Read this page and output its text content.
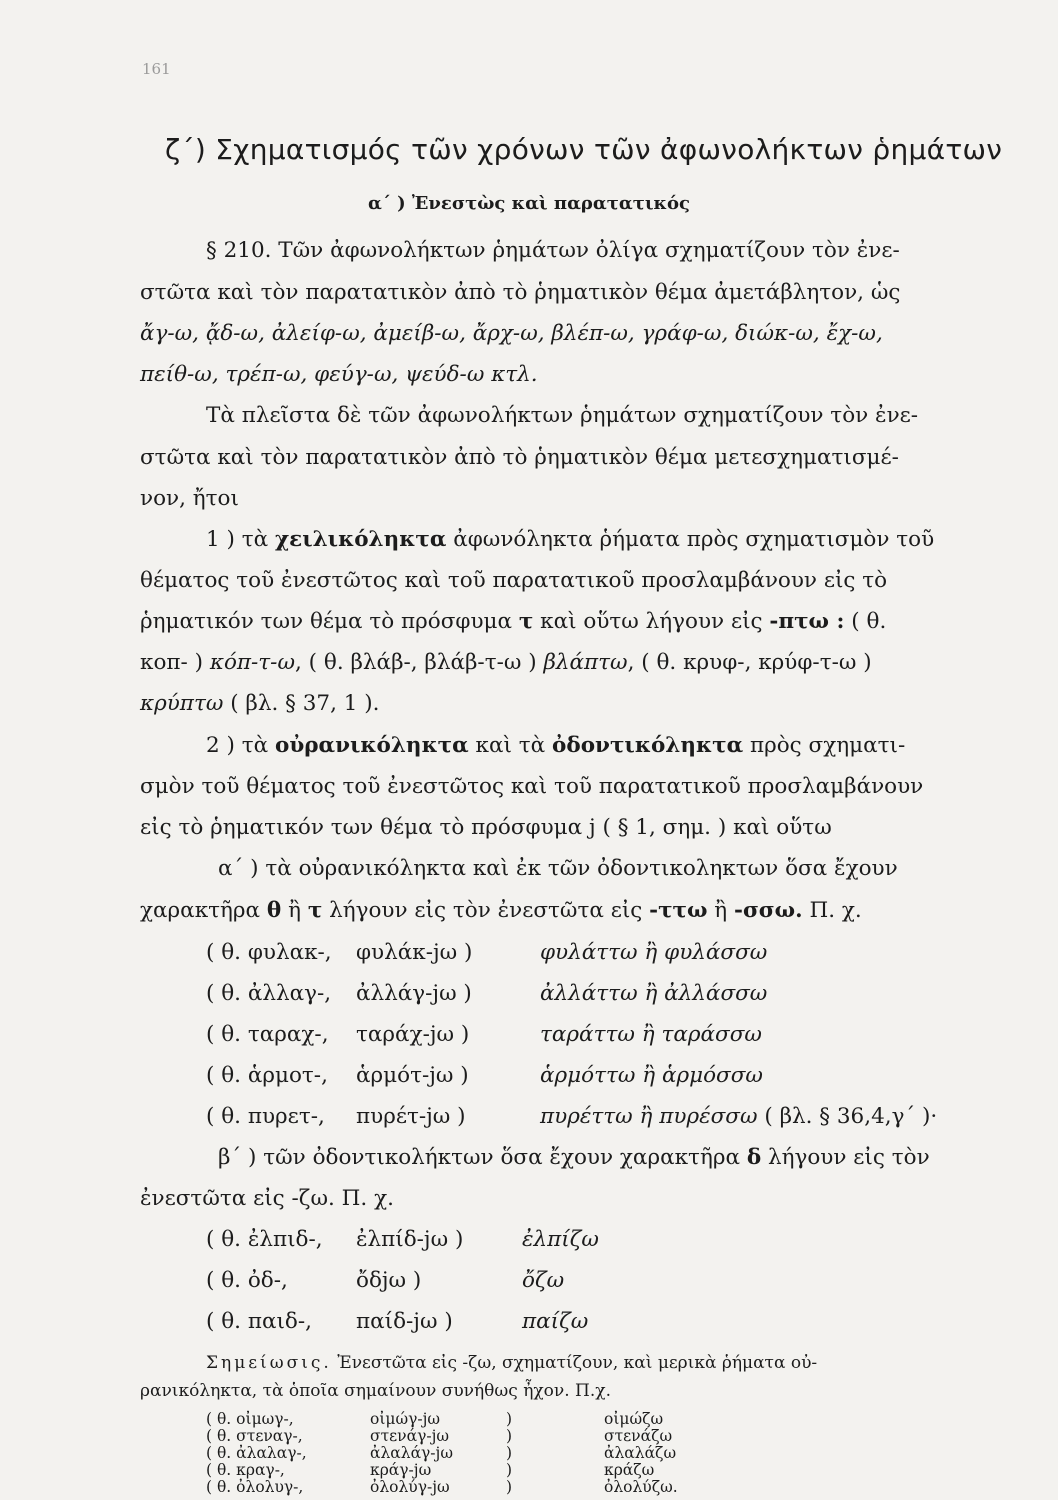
161
ζ΄) Σχηματισμός τῶν χρόνων τῶν ἀφωνολήκτων ῥημάτων
α΄ ) Ἐνεστὼς καὶ παρατατικός
§ 210. Τῶν ἀφωνολήκτων ῥημάτων ὀλίγα σχηματίζουν τὸν ἐνε-
στῶτα καὶ τὸν παρατατικὸν ἀπὸ τὸ ῥηματικὸν θέμα ἀμετάβλητον, ὡς
ἄγ-ω, ᾄδ-ω, ἀλείφ-ω, ἀμείβ-ω, ἄρχ-ω, βλέπ-ω, γράφ-ω, διώκ-ω, ἔχ-ω,
πείθ-ω, τρέπ-ω, φεύγ-ω, ψεύδ-ω κτλ.
Τὰ πλεῖστα δὲ τῶν ἀφωνολήκτων ῥημάτων σχηματίζουν τὸν ἐνε-
στῶτα καὶ τὸν παρατατικὸν ἀπὸ τὸ ῥηματικὸν θέμα μετεσχηματισμέ-
νον, ἤτοι
1 ) τὰ χειλικόληκτα ἀφωνόληκτα ῥήματα πρὸς σχηματισμὸν τοῦ
θέματος τοῦ ἐνεστῶτος καὶ τοῦ παρατατικοῦ προσλαμβάνουν εἰς τὸ
ῥηματικόν των θέμα τὸ πρόσφυμα τ καὶ οὕτω λήγουν εἰς -πτω : ( θ.
κοπ- ) κόπ-τ-ω, ( θ. βλάβ-, βλάβ-τ-ω ) βλάπτω, ( θ. κρυφ-, κρύφ-τ-ω )
κρύπτω ( βλ. § 37, 1 ).
2 ) τὰ οὐρανικόληκτα καὶ τὰ ὀδοντικόληκτα πρὸς σχηματι-
σμὸν τοῦ θέματος τοῦ ἐνεστῶτος καὶ τοῦ παρατατικοῦ προσλαμβάνουν
εἰς τὸ ῥηματικόν των θέμα τὸ πρόσφυμα j ( § 1, σημ. ) καὶ οὕτω
α΄ ) τὰ οὐρανικόληκτα καὶ ἐκ τῶν ὀδοντικοληκτων ὅσα ἔχουν
χαρακτῆρα θ ἢ τ λήγουν εἰς τὸν ἐνεστῶτα εἰς -ττω ἢ -σσω. Π. χ.
( θ. φυλακ-, φυλάκ-jω )	φυλάττω ἢ φυλάσσω
( θ. ἀλλαγ-, ἀλλάγ-jω )	ἀλλάττω ἢ ἀλλάσσω
( θ. ταραχ-, ταράχ-jω )	ταράττω ἢ ταράσσω
( θ. ἁρμοτ-, ἁρμότ-jω )	ἁρμόττω ἢ ἁρμόσσω
( θ. πυρετ-, πυρέτ-jω )	πυρέττω ἢ πυρέσσω ( βλ. § 36,4,γ΄ )·
β΄ ) τῶν ὀδοντικολήκτων ὅσα ἔχουν χαρακτῆρα δ λήγουν εἰς τὸν
ἐνεστῶτα εἰς -ζω. Π. χ.
( θ. ἐλπιδ-, ἐλπίδ-jω )	ἐλπίζω
( θ. ὀδ-,	ὄδjω )	ὄζω
( θ. παιδ-, παίδ-jω )	παίζω
Σημείωσις. Ἐνεστῶτα εἰς -ζω, σχηματίζουν, καὶ μερικὰ ῥήματα οὐ-
ρανικόληκτα, τὰ ὁποῖα σημαίνουν συνήθως ἦχον. Π.χ.
( θ. οἰμωγ-,	οἰμώγ-jω	)	οἰμώζω
( θ. στεναγ-,	στενάγ-jω	)	στενάζω
( θ. ἀλαλαγ-,	ἀλαλάγ-jω	)	ἀλαλάζω
( θ. κραγ-,	κράγ-jω	)	κράζω
( θ. ὀλολυγ-,	ὀλολύγ-jω	)	ὀλολύζω.
